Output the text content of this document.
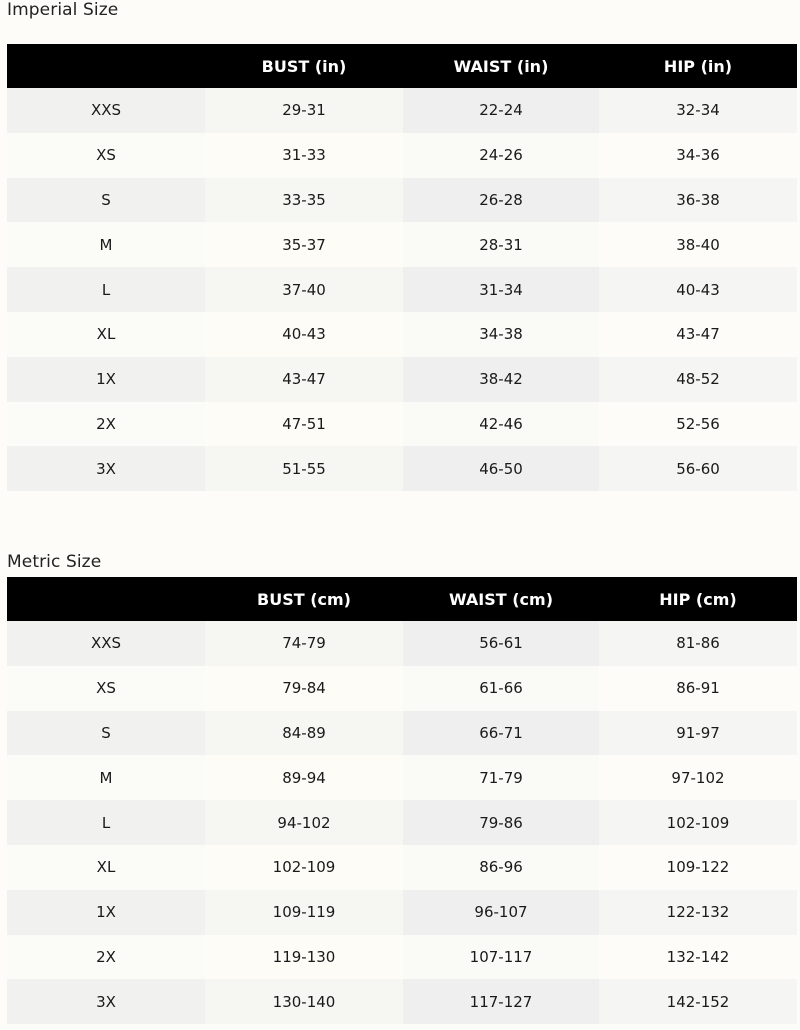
Imperial Size
	BUST (in)	WAIST (in)	HIP (in)
XXS	29-31	22-24	32-34
XS	31-33	24-26	34-36
S	33-35	26-28	36-38
M	35-37	28-31	38-40
L	37-40	31-34	40-43
XL	40-43	34-38	43-47
1X	43-47	38-42	48-52
2X	47-51	42-46	52-56
3X	51-55	46-50	56-60
Metric Size
	BUST (cm)	WAIST (cm)	HIP (cm)
XXS	74-79	56-61	81-86
XS	79-84	61-66	86-91
S	84-89	66-71	91-97
M	89-94	71-79	97-102
L	94-102	79-86	102-109
XL	102-109	86-96	109-122
1X	109-119	96-107	122-132
2X	119-130	107-117	132-142
3X	130-140	117-127	142-152
